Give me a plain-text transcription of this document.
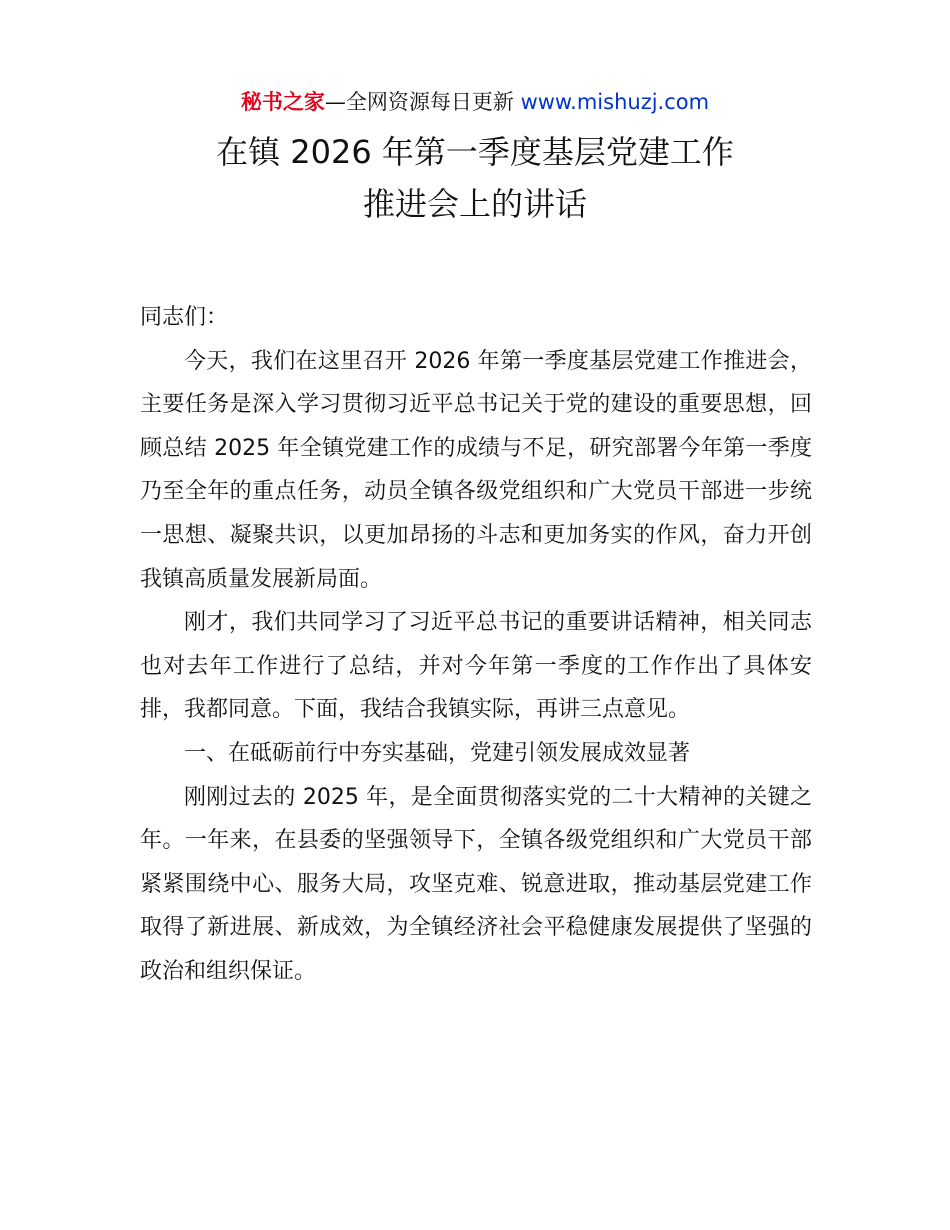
秘书之家—全网资源每日更新 www.mishuzj.com
在镇 2026 年第一季度基层党建工作
推进会上的讲话

同志们：

今天，我们在这里召开 2026 年第一季度基层党建工作推进会，主要任务是深入学习贯彻习近平总书记关于党的建设的重要思想，回顾总结 2025 年全镇党建工作的成绩与不足，研究部署今年第一季度乃至全年的重点任务，动员全镇各级党组织和广大党员干部进一步统一思想、凝聚共识，以更加昂扬的斗志和更加务实的作风，奋力开创我镇高质量发展新局面。

刚才，我们共同学习了习近平总书记的重要讲话精神，相关同志也对去年工作进行了总结，并对今年第一季度的工作作出了具体安排，我都同意。下面，我结合我镇实际，再讲三点意见。

一、在砥砺前行中夯实基础，党建引领发展成效显著

刚刚过去的 2025 年，是全面贯彻落实党的二十大精神的关键之年。一年来，在县委的坚强领导下，全镇各级党组织和广大党员干部紧紧围绕中心、服务大局，攻坚克难、锐意进取，推动基层党建工作取得了新进展、新成效，为全镇经济社会平稳健康发展提供了坚强的政治和组织保证。
